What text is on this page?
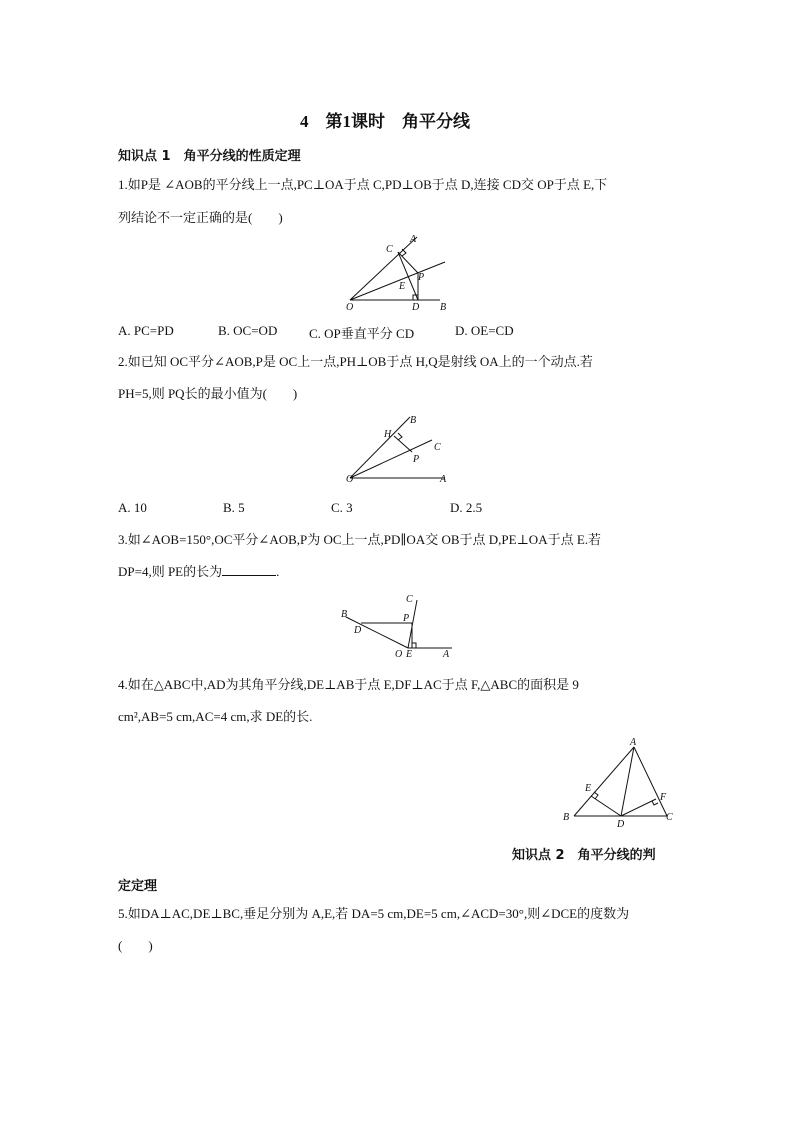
4　第1课时　角平分线
知识点 1　角平分线的性质定理
1.如P是 ∠AOB的平分线上一点,PC⊥OA于点 C,PD⊥OB于点 D,连接 CD交 OP于点 E,下
列结论不一定正确的是(　　)
C
A
P
E
O	D B
A. PC=PD	B. OC=OD C. OP垂直平分 CD	D. OE=CD
2.如已知 OC平分∠AOB,P是 OC上一点,PH⊥OB于点 H,Q是射线 OA上的一个动点.若
PH=5,则 PQ长的最小值为(　　)
B
H
C
P
O	A
A. 10	B. 5	C. 3	D. 2.5
3.如∠AOB=150°,OC平分∠AOB,P为 OC上一点,PD∥OA交 OB于点 D,PE⊥OA于点 E.若
DP=4,则 PE的长为	.
C
B	P
D
O E	A
4.如在△ABC中,AD为其角平分线,DE⊥AB于点 E,DF⊥AC于点 F,△ABC的面积是 9
cm²,AB=5 cm,AC=4 cm,求 DE的长.
A
E
F
B
D
C
知识点 2　角平分线的判
定定理
5.如DA⊥AC,DE⊥BC,垂足分别为 A,E,若 DA=5 cm,DE=5 cm,∠ACD=30°,则∠DCE的度数为
(　　)
